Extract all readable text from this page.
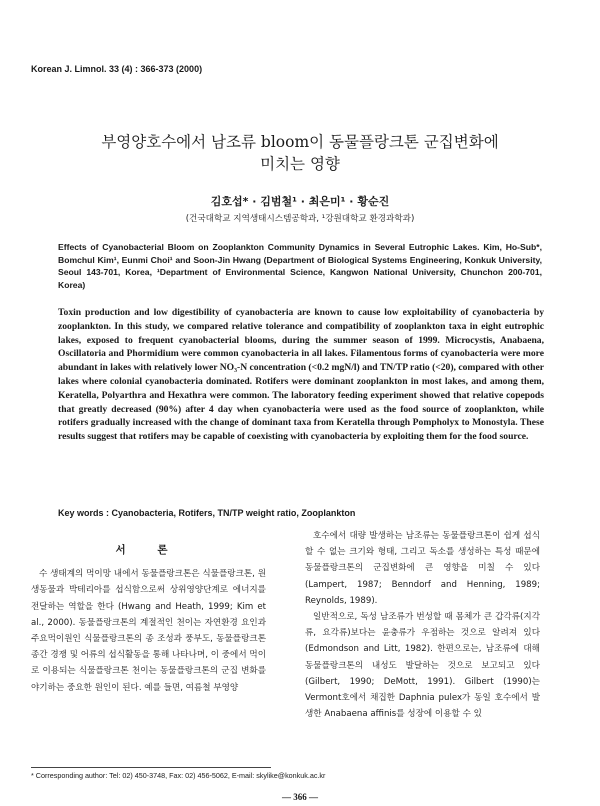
Korean J. Limnol. 33 (4) : 366-373 (2000)
부영양호수에서 남조류 bloom이 동물플랑크톤 군집변화에
미치는 영향
김호섭* · 김범철¹ · 최은미¹ · 황순진
(건국대학교 지역생태시스템공학과, ¹강원대학교 환경과학과)
Effects of Cyanobacterial Bloom on Zooplankton Community Dynamics in Several Eutrophic Lakes. Kim, Ho-Sub*, Bomchul Kim¹, Eunmi Choi¹ and Soon-Jin Hwang (Department of Biological Systems Engineering, Konkuk University, Seoul 143-701, Korea, ¹Department of Environmental Science, Kangwon National University, Chunchon 200-701, Korea)

Toxin production and low digestibility of cyanobacteria are known to cause low exploitability of cyanobacteria by zooplankton. In this study, we compared relative tolerance and compatibility of zooplankton taxa in eight eutrophic lakes, exposed to frequent cyanobacterial blooms, during the summer season of 1999. Microcystis, Anabaena, Oscillatoria and Phormidium were common cyanobacteria in all lakes. Filamentous forms of cyanobacteria were more abundant in lakes with relatively lower NO₃-N concentration (<0.2 mgN/l) and TN/TP ratio (<20), compared with other lakes where colonial cyanobacteria dominated. Rotifers were dominant zooplankton in most lakes, and among them, Keratella, Polyarthra and Hexathra were common. The laboratory feeding experiment showed that relative copepods that greatly decreased (90%) after 4 day when cyanobacteria were used as the food source of zooplankton, while rotifers gradually increased with the change of dominant taxa from Keratella through Pompholyx to Monostyla. These results suggest that rotifers may be capable of coexisting with cyanobacteria by exploiting them for the food source.

Key words : Cyanobacteria, Rotifers, TN/TP weight ratio, Zooplankton
서 론

수 생태계의 먹이망 내에서 동물플랑크톤은 식물플랑크톤, 원생동물과 박테리아를 섭식함으로써 상위영양단계로 에너지를 전달하는 역할을 한다 (Hwang and Heath, 1999; Kim et al., 2000). 동물플랑크톤의 계절적인 천이는 자연환경 요인과 주요먹이원인 식물플랑크톤의 종 조성과 풍부도, 동물플랑크톤 종간 경쟁 및 어류의 섭식활동을 통해 나타나며, 이 중에서 먹이로 이용되는 식물플랑크톤 천이는 동물플랑크톤의 군집 변화를 야기하는 중요한 원인이 된다. 예를 들면, 여름철 부영양

호수에서 대량 발생하는 남조류는 동물플랑크톤이 쉽게 섭식할 수 없는 크기와 형태, 그리고 독소를 생성하는 특성 때문에 동물플랑크톤의 군집변화에 큰 영향을 미칠 수 있다 (Lampert, 1987; Benndorf and Henning, 1989; Reynolds, 1989).

일반적으로, 독성 남조류가 번성할 때 몸체가 큰 갑각류(지각류, 요각류)보다는 윤충류가 우점하는 것으로 알려져 있다 (Edmondson and Litt, 1982). 한편으로는, 남조류에 대해 동물플랑크톤의 내성도 발달하는 것으로 보고되고 있다 (Gilbert, 1990; DeMott, 1991). Gilbert (1990)는 Vermont호에서 채집한 Daphnia pulex가 동일 호수에서 발생한 Anabaena affinis를 성장에 이용할 수 있

* Corresponding author: Tel: 02) 450-3748, Fax: 02) 456-5062, E-mail: skylike@konkuk.ac.kr
— 366 —
